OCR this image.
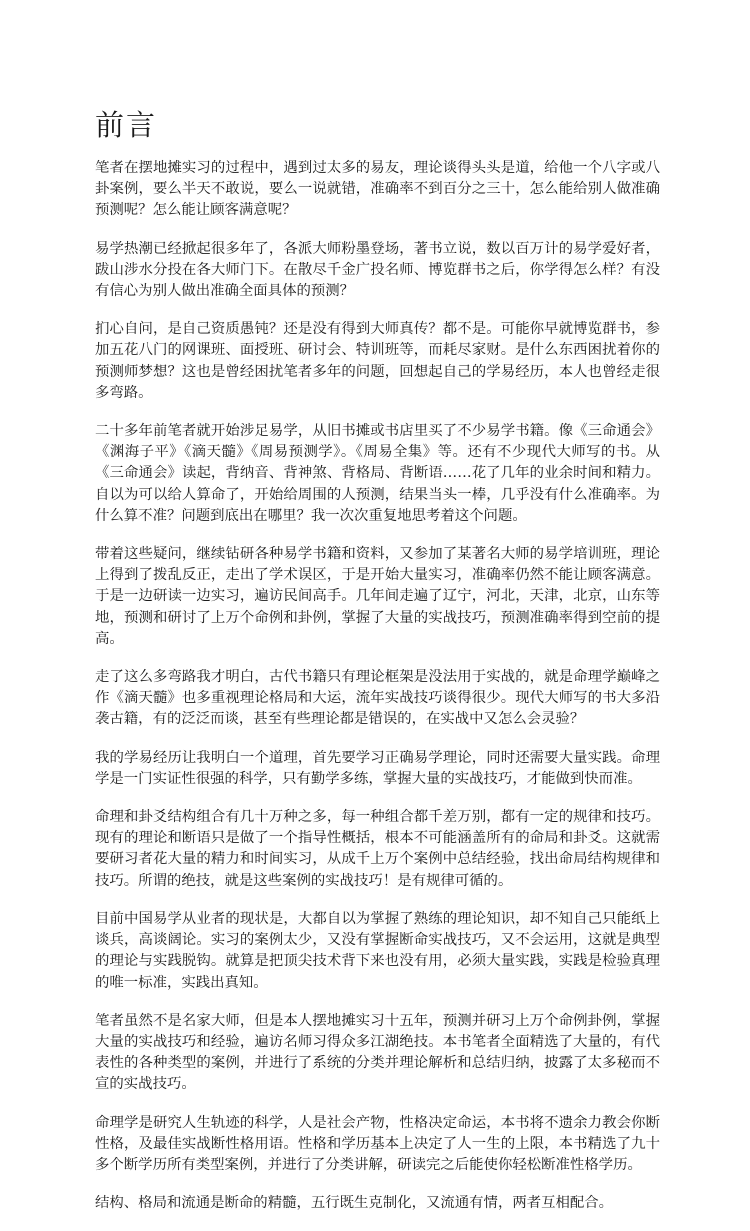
前言

笔者在摆地摊实习的过程中，遇到过太多的易友，理论谈得头头是道，给他一个八字或八卦案例，要么半天不敢说，要么一说就错，准确率不到百分之三十，怎么能给别人做准确预测呢？怎么能让顾客满意呢？

易学热潮已经掀起很多年了，各派大师粉墨登场，著书立说，数以百万计的易学爱好者，跋山涉水分投在各大师门下。在散尽千金广投名师、博览群书之后，你学得怎么样？有没有信心为别人做出准确全面具体的预测？

扪心自问，是自己资质愚钝？还是没有得到大师真传？都不是。可能你早就博览群书，参加五花八门的网课班、面授班、研讨会、特训班等，而耗尽家财。是什么东西困扰着你的预测师梦想？这也是曾经困扰笔者多年的问题，回想起自己的学易经历，本人也曾经走很多弯路。

二十多年前笔者就开始涉足易学，从旧书摊或书店里买了不少易学书籍。像《三命通会》《渊海子平》《滴天髓》《周易预测学》。《周易全集》等。还有不少现代大师写的书。从《三命通会》读起，背纳音、背神煞、背格局、背断语……花了几年的业余时间和精力。自以为可以给人算命了，开始给周围的人预测，结果当头一棒，几乎没有什么准确率。为什么算不准？问题到底出在哪里？我一次次重复地思考着这个问题。

带着这些疑问，继续钻研各种易学书籍和资料，又参加了某著名大师的易学培训班，理论上得到了拨乱反正，走出了学术误区，于是开始大量实习，准确率仍然不能让顾客满意。于是一边研读一边实习，遍访民间高手。几年间走遍了辽宁，河北，天津，北京，山东等地，预测和研讨了上万个命例和卦例，掌握了大量的实战技巧，预测准确率得到空前的提高。

走了这么多弯路我才明白，古代书籍只有理论框架是没法用于实战的，就是命理学巅峰之作《滴天髓》也多重视理论格局和大运，流年实战技巧谈得很少。现代大师写的书大多沿袭古籍，有的泛泛而谈，甚至有些理论都是错误的，在实战中又怎么会灵验？

我的学易经历让我明白一个道理，首先要学习正确易学理论，同时还需要大量实践。命理学是一门实证性很强的科学，只有勤学多练，掌握大量的实战技巧，才能做到快而准。

命理和卦爻结构组合有几十万种之多，每一种组合都千差万别，都有一定的规律和技巧。现有的理论和断语只是做了一个指导性概括，根本不可能涵盖所有的命局和卦爻。这就需要研习者花大量的精力和时间实习，从成千上万个案例中总结经验，找出命局结构规律和技巧。所谓的绝技，就是这些案例的实战技巧！是有规律可循的。

目前中国易学从业者的现状是，大都自以为掌握了熟练的理论知识，却不知自己只能纸上谈兵，高谈阔论。实习的案例太少，又没有掌握断命实战技巧，又不会运用，这就是典型的理论与实践脱钩。就算是把顶尖技术背下来也没有用，必须大量实践，实践是检验真理的唯一标准，实践出真知。

笔者虽然不是名家大师，但是本人摆地摊实习十五年，预测并研习上万个命例卦例，掌握大量的实战技巧和经验，遍访名师习得众多江湖绝技。本书笔者全面精选了大量的，有代表性的各种类型的案例，并进行了系统的分类并理论解析和总结归纳，披露了太多秘而不宣的实战技巧。

命理学是研究人生轨迹的科学，人是社会产物，性格决定命运，本书将不遗余力教会你断性格，及最佳实战断性格用语。性格和学历基本上决定了人一生的上限，本书精选了九十多个断学历所有类型案例，并进行了分类讲解，研读完之后能使你轻松断准性格学历。

结构、格局和流通是断命的精髓，五行既生克制化，又流通有情，两者互相配合。
